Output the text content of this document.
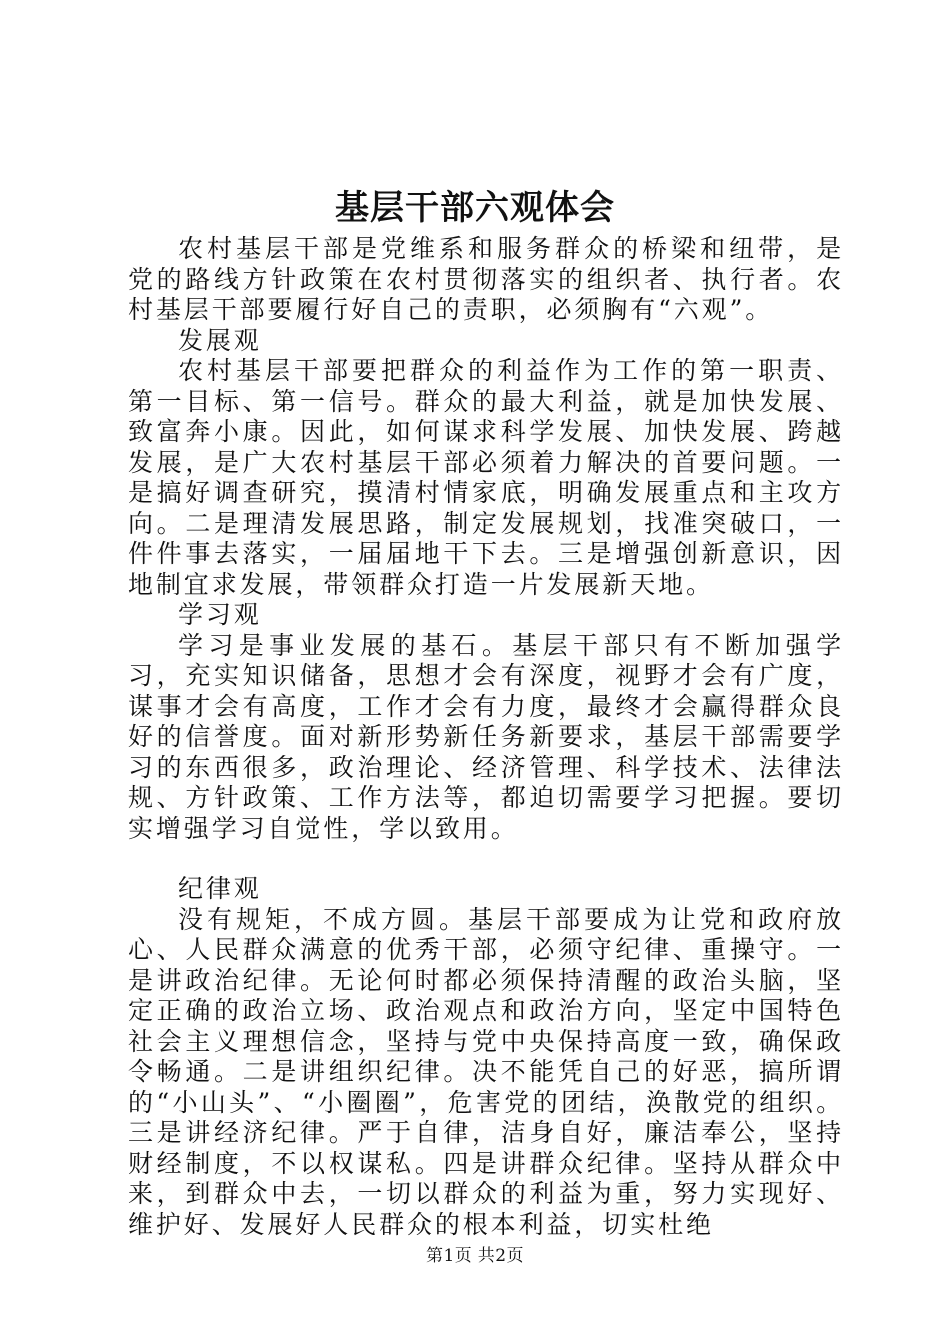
基层干部六观体会

农村基层干部是党维系和服务群众的桥梁和纽带，是党的路线方针政策在农村贯彻落实的组织者、执行者。农村基层干部要履行好自己的责职，必须胸有“六观”。

发展观

农村基层干部要把群众的利益作为工作的第一职责、第一目标、第一信号。群众的最大利益，就是加快发展、致富奔小康。因此，如何谋求科学发展、加快发展、跨越发展，是广大农村基层干部必须着力解决的首要问题。一是搞好调查研究，摸清村情家底，明确发展重点和主攻方向。二是理清发展思路，制定发展规划，找准突破口，一件件事去落实，一届届地干下去。三是增强创新意识，因地制宜求发展，带领群众打造一片发展新天地。

学习观

学习是事业发展的基石。基层干部只有不断加强学习，充实知识储备，思想才会有深度，视野才会有广度，谋事才会有高度，工作才会有力度，最终才会赢得群众良好的信誉度。面对新形势新任务新要求，基层干部需要学习的东西很多，政治理论、经济管理、科学技术、法律法规、方针政策、工作方法等，都迫切需要学习把握。要切实增强学习自觉性，学以致用。

纪律观

没有规矩，不成方圆。基层干部要成为让党和政府放心、人民群众满意的优秀干部，必须守纪律、重操守。一是讲政治纪律。无论何时都必须保持清醒的政治头脑，坚定正确的政治立场、政治观点和政治方向，坚定中国特色社会主义理想信念，坚持与党中央保持高度一致，确保政令畅通。二是讲组织纪律。决不能凭自己的好恶，搞所谓的“小山头”、“小圈圈”，危害党的团结，涣散党的组织。三是讲经济纪律。严于自律，洁身自好，廉洁奉公，坚持财经制度，不以权谋私。四是讲群众纪律。坚持从群众中来，到群众中去，一切以群众的利益为重，努力实现好、维护好、发展好人民群众的根本利益，切实杜绝

第1页 共2页
